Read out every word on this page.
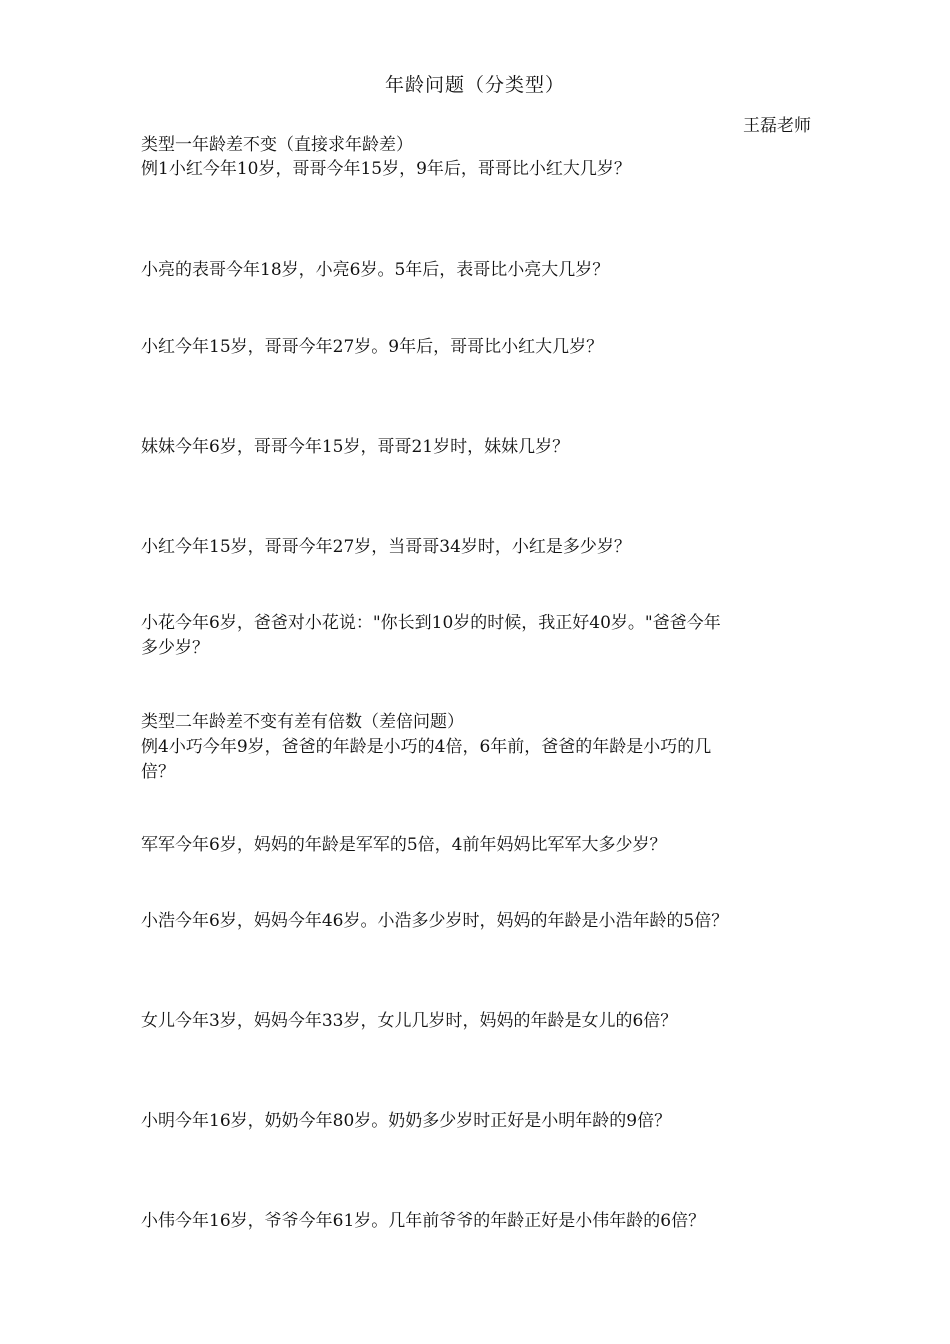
年龄问题（分类型）
王磊老师
类型一年龄差不变（直接求年龄差）
例1小红今年10岁，哥哥今年15岁，9年后，哥哥比小红大几岁？
小亮的表哥今年18岁，小亮6岁。5年后，表哥比小亮大几岁？
小红今年15岁，哥哥今年27岁。9年后，哥哥比小红大几岁？
妹妹今年6岁，哥哥今年15岁，哥哥21岁时，妹妹几岁？
小红今年15岁，哥哥今年27岁，当哥哥34岁时，小红是多少岁？
小花今年6岁，爸爸对小花说："你长到10岁的时候，我正好40岁。"爸爸今年
多少岁？
类型二年龄差不变有差有倍数（差倍问题）
例4小巧今年9岁，爸爸的年龄是小巧的4倍，6年前，爸爸的年龄是小巧的几
倍？
军军今年6岁，妈妈的年龄是军军的5倍，4前年妈妈比军军大多少岁？
小浩今年6岁，妈妈今年46岁。小浩多少岁时，妈妈的年龄是小浩年龄的5倍？
女儿今年3岁，妈妈今年33岁，女儿几岁时，妈妈的年龄是女儿的6倍？
小明今年16岁，奶奶今年80岁。奶奶多少岁时正好是小明年龄的9倍？
小伟今年16岁，爷爷今年61岁。几年前爷爷的年龄正好是小伟年龄的6倍？
